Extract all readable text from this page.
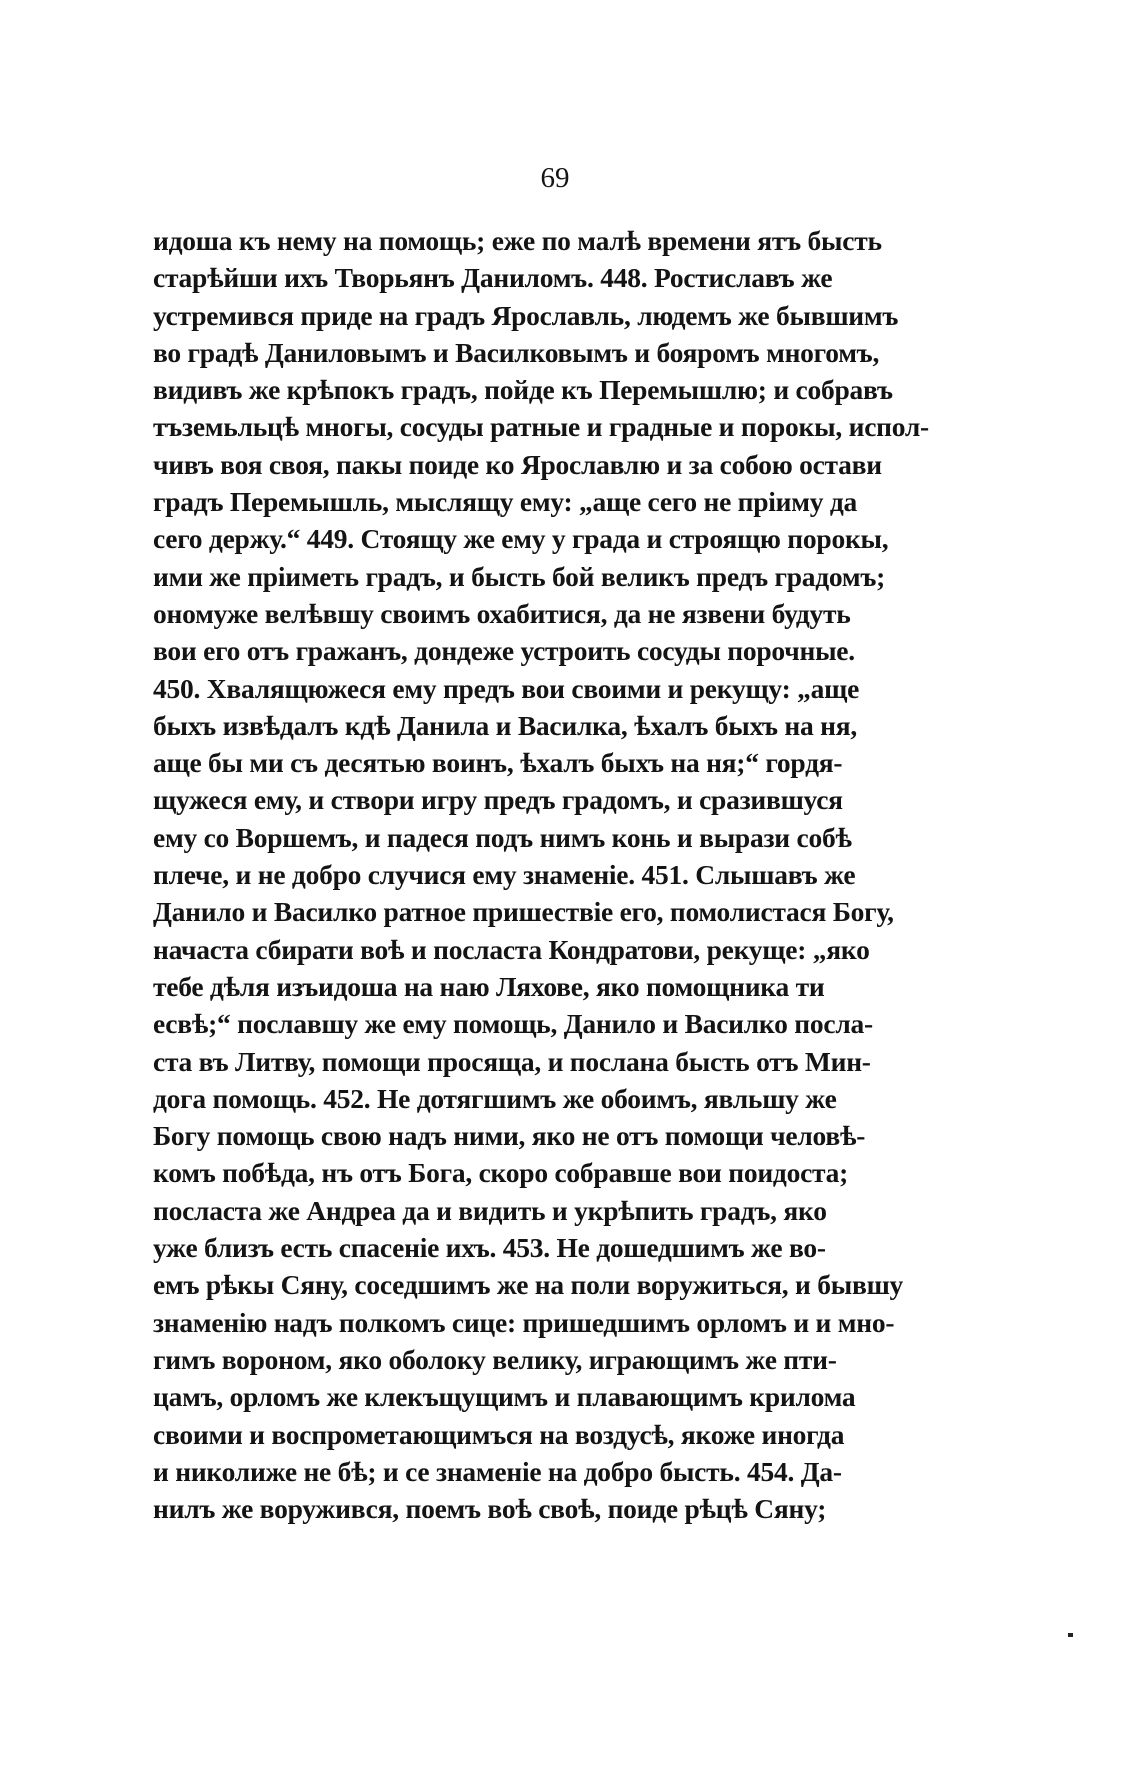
69
идоша къ нему на помощь; еже по малѣ времени ятъ бысть
старѣйши ихъ Творьянъ Даниломъ. 448. Ростиславъ же
устремився приде на градъ Ярославль, людемъ же бывшимъ
во градѣ Даниловымъ и Василковымъ и бояромъ многомъ,
видивъ же крѣпокъ градъ, пойде къ Перемышлю; и собравъ
тъземьльцѣ многы, сосуды ратные и градные и порокы, испол-
чивъ воя своя, пакы поиде ко Ярославлю и за собою остави
градъ Перемышль, мыслящу ему: „аще сего не пріиму да
сего держу.“ 449. Стоящу же ему у града и строящю порокы,
ими же пріиметь градъ, и бысть бой великъ предъ градомъ;
ономуже велѣвшу своимъ охабитися, да не язвени будуть
вои его отъ гражанъ, дондеже устроить сосуды порочные.
450. Хвалящюжеся ему предъ вои своими и рекущу: „аще
быхъ извѣдалъ кдѣ Данила и Василка, ѣхалъ быхъ на ня,
аще бы ми съ десятью воинъ, ѣхалъ быхъ на ня;“ гордя-
щужеся ему, и створи игру предъ градомъ, и сразившуся
ему со Воршемъ, и падеся подъ нимъ конь и вырази собѣ
плече, и не добро случися ему знаменіе. 451. Слышавъ же
Данило и Василко ратное пришествіе его, помолистася Богу,
начаста сбирати воѣ и посласта Кондратови, рекуще: „яко
тебе дѣля изъидоша на наю Ляхове, яко помощника ти
есвѣ;“ пославшу же ему помощь, Данило и Василко посла-
ста въ Литву, помощи просяща, и послана бысть отъ Мин-
дога помощь. 452. Не дотягшимъ же обоимъ, явльшу же
Богу помощь свою надъ ними, яко не отъ помощи человѣ-
комъ побѣда, нъ отъ Бога, скоро собравше вои поидоста;
посласта же Андреа да и видить и укрѣпить градъ, яко
уже близъ есть спасеніе ихъ. 453. Не дошедшимъ же во-
емъ рѣкы Сяну, соседшимъ же на поли воружиться, и бывшу
знаменію надъ полкомъ сице: пришедшимъ орломъ и и мно-
гимъ вороном, яко оболоку велику, играющимъ же пти-
цамъ, орломъ же клекъщущимъ и плавающимъ крилома
своими и воспрометающимъся на воздусѣ, якоже иногда
и николиже не бѣ; и се знаменіе на добро бысть. 454. Да-
нилъ же воружився, поемъ воѣ своѣ, поиде рѣцѣ Сяну;
